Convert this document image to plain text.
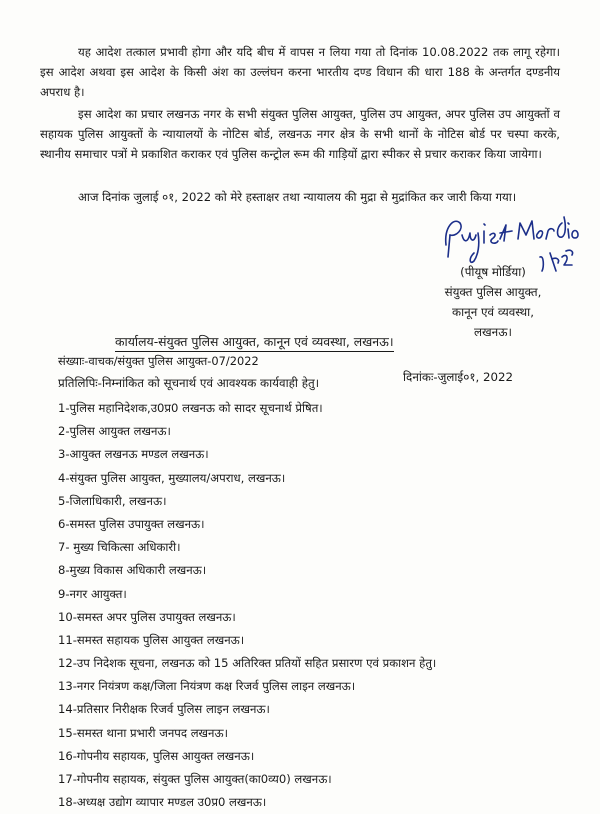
यह आदेश तत्काल प्रभावी होगा और यदि बीच में वापस न लिया गया तो दिनांक 10.08.2022 तक लागू रहेगा। इस आदेश अथवा इस आदेश के किसी अंश का उल्लंघन करना भारतीय दण्ड विधान की धारा 188 के अन्तर्गत दण्डनीय अपराध है।

इस आदेश का प्रचार लखनऊ नगर के सभी संयुक्त पुलिस आयुक्त, पुलिस उप आयुक्त, अपर पुलिस उप आयुक्तों व सहायक पुलिस आयुक्तों के न्यायालयों के नोटिस बोर्ड, लखनऊ नगर क्षेत्र के सभी थानों के नोटिस बोर्ड पर चस्पा करके, स्थानीय समाचार पत्रों मे प्रकाशित कराकर एवं पुलिस कन्ट्रोल रूम की गाड़ियों द्वारा स्पीकर से प्रचार कराकर किया जायेगा।

आज दिनांक जुलाई ०१, 2022 को मेरे हस्ताक्षर तथा न्यायालय की मुद्रा से मुद्रांकित कर जारी किया गया।

(पीयूष मोर्डिया)
संयुक्त पुलिस आयुक्त,
कानून एवं व्यवस्था,
लखनऊ।
कार्यालय-संयुक्त पुलिस आयुक्त, कानून एवं व्यवस्था, लखनऊ।
संख्याः-वाचक/संयुक्त पुलिस आयुक्त-07/2022
दिनांकः-जुलाई०१, 2022
प्रतिलिपिः-निम्नांकित को सूचनार्थ एवं आवश्यक कार्यवाही हेतु।
1-पुलिस महानिदेशक,उ0प्र0 लखनऊ को सादर सूचनार्थ प्रेषित।
2-पुलिस आयुक्त लखनऊ।
3-आयुक्त लखनऊ मण्डल लखनऊ।
4-संयुक्त पुलिस आयुक्त, मुख्यालय/अपराध, लखनऊ।
5-जिलाधिकारी, लखनऊ।
6-समस्त पुलिस उपायुक्त लखनऊ।
7- मुख्य चिकित्सा अधिकारी।
8-मुख्य विकास अधिकारी लखनऊ।
9-नगर आयुक्त।
10-समस्त अपर पुलिस उपायुक्त लखनऊ।
11-समस्त सहायक पुलिस आयुक्त लखनऊ।
12-उप निदेशक सूचना, लखनऊ को 15 अतिरिक्त प्रतियों सहित प्रसारण एवं प्रकाशन हेतु।
13-नगर नियंत्रण कक्ष/जिला नियंत्रण कक्ष रिजर्व पुलिस लाइन लखनऊ।
14-प्रतिसार निरीक्षक रिजर्व पुलिस लाइन लखनऊ।
15-समस्त थाना प्रभारी जनपद लखनऊ।
16-गोपनीय सहायक, पुलिस आयुक्त लखनऊ।
17-गोपनीय सहायक, संयुक्त पुलिस आयुक्त(का0व्य0) लखनऊ।
18-अध्यक्ष उद्योग व्यापार मण्डल उ0प्र0 लखनऊ।
